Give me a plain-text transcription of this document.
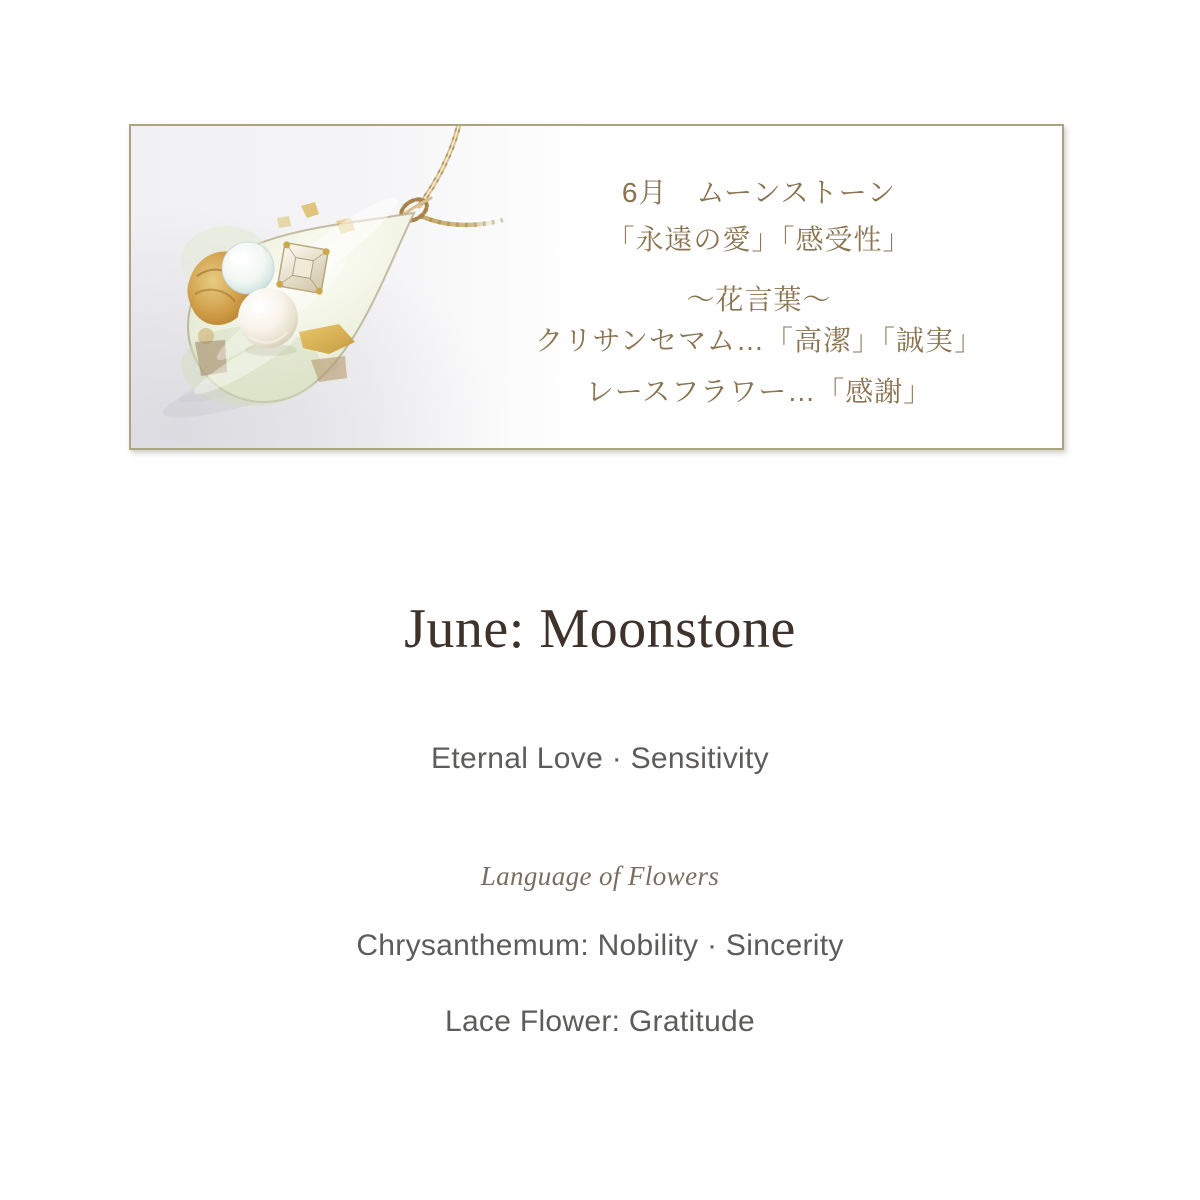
6月　ムーンストーン
「永遠の愛」「感受性」
〜花言葉〜
クリサンセマム…「高潔」「誠実」
レースフラワー…「感謝」
June: Moonstone
Eternal Love · Sensitivity
Language of Flowers
Chrysanthemum: Nobility · Sincerity
Lace Flower: Gratitude
